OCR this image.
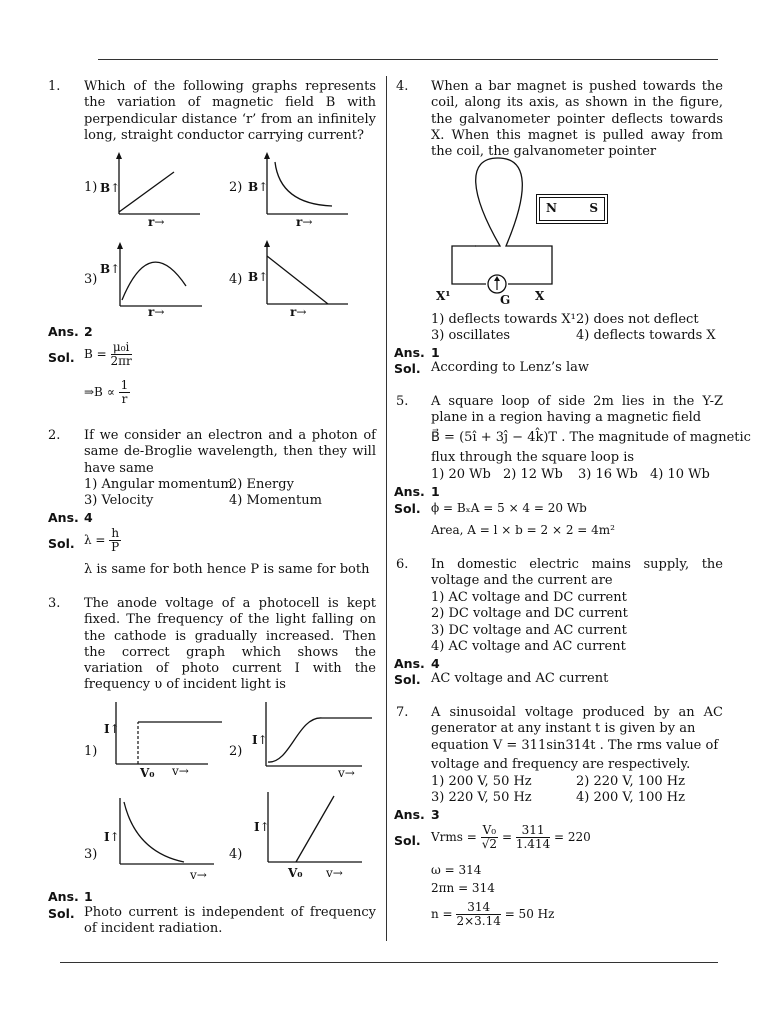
1. Which of the following graphs represents the variation of magnetic field B with perpendicular distance ‘r’ from an infinitely long, straight conductor carrying current?
1) B↑
r→
2) B↑
r→
3)
B↑
r→
4) B↑
r→
Ans. 2
Sol. $B = \frac{\text{μ₀i}}{2\pi r}$
⇒B ∝ $\frac{1}{r}$
2. If we consider an electron and a photon of same de-Broglie wavelength, then they will have same
1) Angular momentum
2) Energy
3) Velocity	4) Momentum
Ans. 4
Sol. $\lambda = \frac{h}{P}$
λ is same for both hence P is same for both
3. The anode voltage of a photocell is kept fixed. The frequency of the light falling on the cathode is gradually increased. Then the correct graph which shows the variation of photo current I with the frequency υ of incident light is
1)
I↑
V₀ v→
2)
I↑
v→
3)
I↑
v→
4)
I↑
V₀ v→
Ans. 1
Sol. Photo current is independent of frequency of incident radiation.
4. When a bar magnet is pushed towards the coil, along its axis, as shown in the figure, the galvanometer pointer deflects towards X. When this magnet is pulled away from the coil, the galvanometer pointer
X¹	G X
N	S
1) deflects towards X¹ 2) does not deflect
3) oscillates	4) deflects towards X
Ans. 1
Sol. According to Lenz’s law
5. A square loop of side 2m lies in the Y-Z plane in a region having a magnetic field
B⃗ = (5î + 3ĵ − 4k̂)T . The magnitude of magnetic
flux through the square loop is
1) 20 Wb 2) 12 Wb 3) 16 Wb 4) 10 Wb
Ans. 1
Sol. ϕ = BₓA = 5 × 4 = 20 Wb
Area, A = l × b = 2 × 2 = 4m²
6. In domestic electric mains supply, the voltage and the current are
1) AC voltage and DC current
2) DC voltage and DC current
3) DC voltage and AC current
4) AC voltage and AC current
Ans. 4
Sol. AC voltage and AC current
7. A sinusoidal voltage produced by an AC generator at any instant t is given by an
equation V = 311sin314t . The rms value of
voltage and frequency are respectively.
1) 200 V, 50 Hz	2) 220 V, 100 Hz
3) 220 V, 50 Hz	4) 200 V, 100 Hz
Ans. 3
Sol. Vrms = $\frac{\text{V₀}}{√2} = \frac{311}{1.414} = 220$
ω = 314
2πn = 314
$n = \frac{314}{2\times 3.14} = 50$ Hz
